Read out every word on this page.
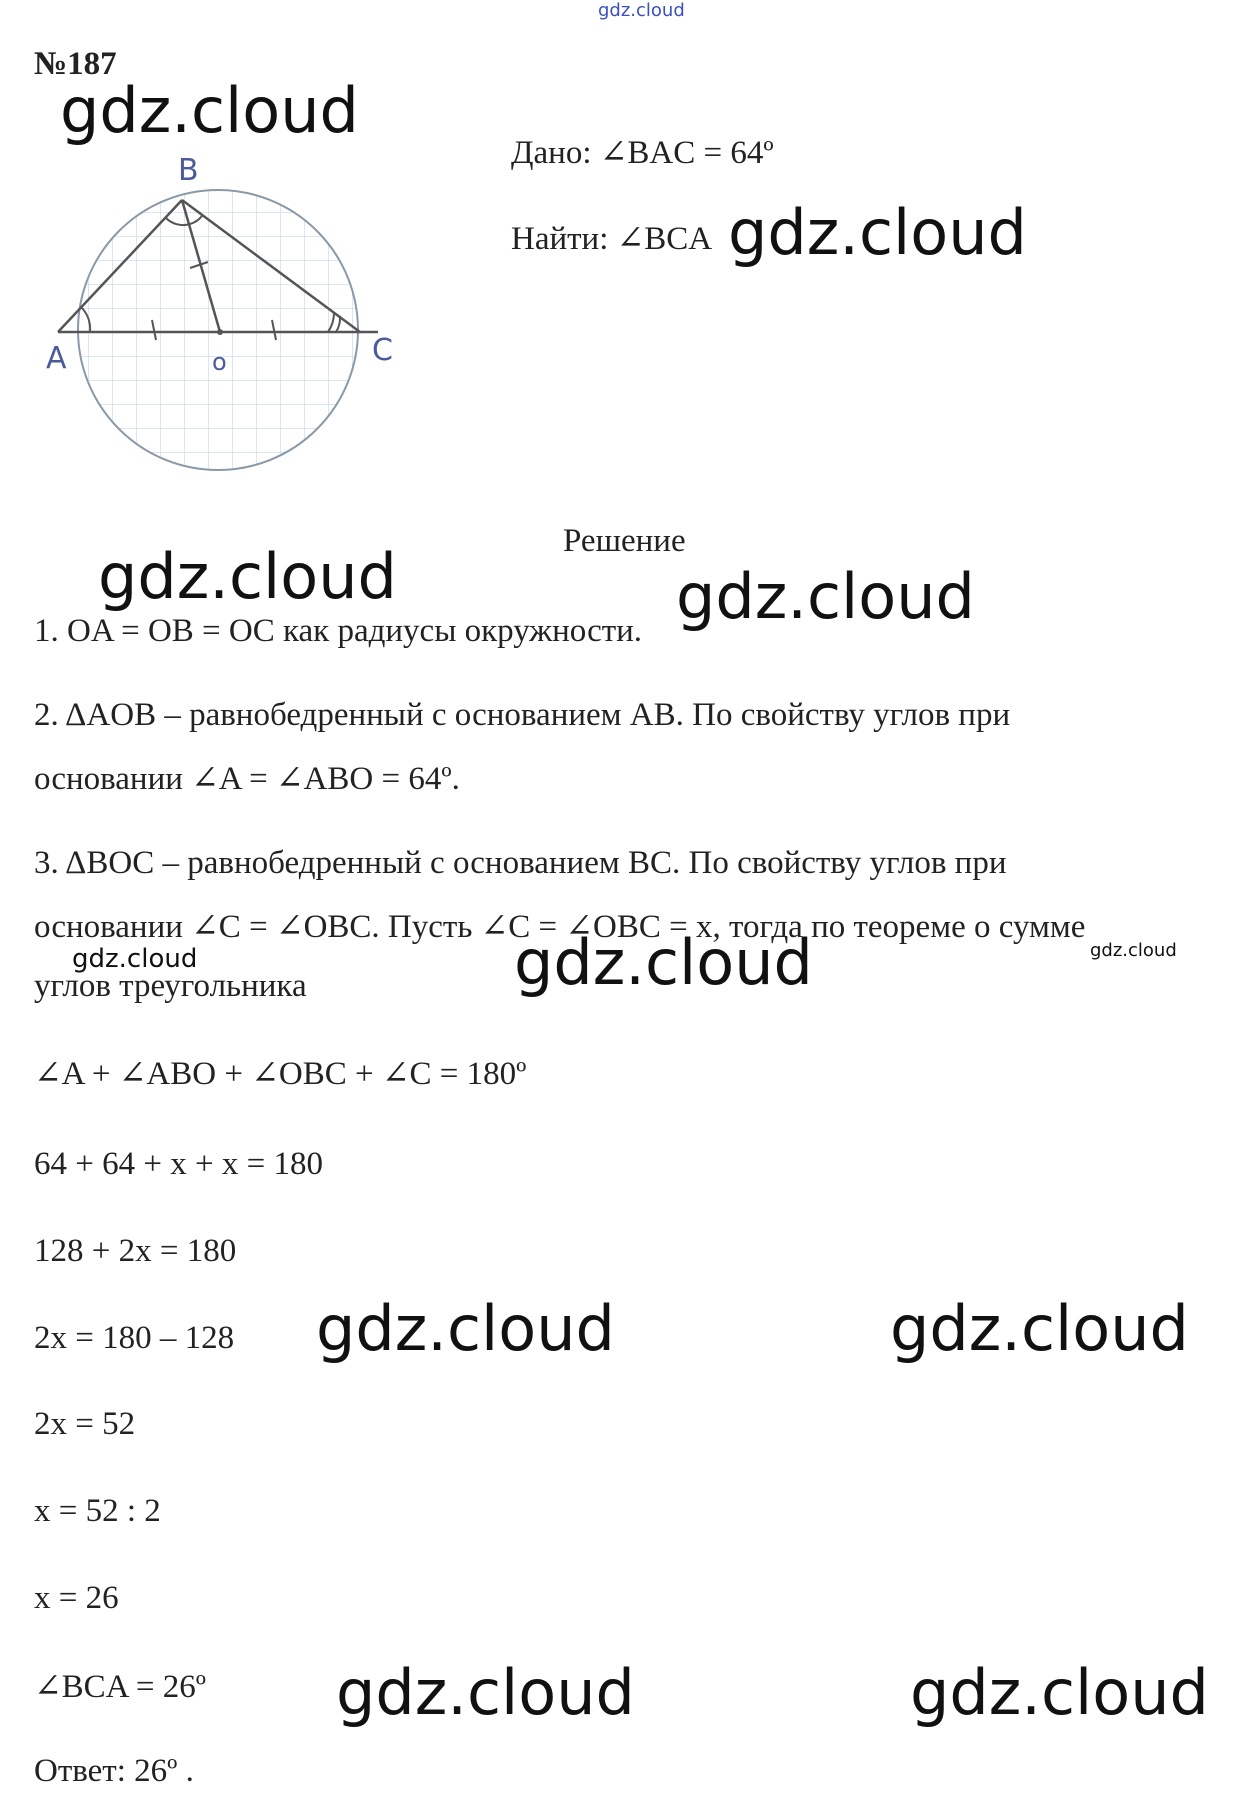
gdz.cloud
№187
gdz.cloud
B
A	C
o
Дано: ∠BAC = 64º
Найти: ∠BCA gdz.cloud
Решение
gdz.cloud	gdz.cloud
1. OA = OB = OC как радиусы окружности.
2. ΔAOB – равнобедренный с основанием AB. По свойству углов при
основании ∠A = ∠ABO = 64º.
3. ΔBOC – равнобедренный с основанием BC. По свойству углов при
основании ∠C = ∠OBC. Пусть ∠C = ∠OBC = x, тогда по теореме о сумме
углов треугольника
gdz.cloud	gdz.cloud	gdz.cloud
∠A + ∠ABO + ∠OBC + ∠C = 180º
64 + 64 + x + x = 180
128 + 2x = 180
2x = 180 – 128 gdz.cloud	gdz.cloud
2x = 52
x = 52 : 2
x = 26
∠BCA = 26º gdz.cloud	gdz.cloud
Ответ: 26º .
